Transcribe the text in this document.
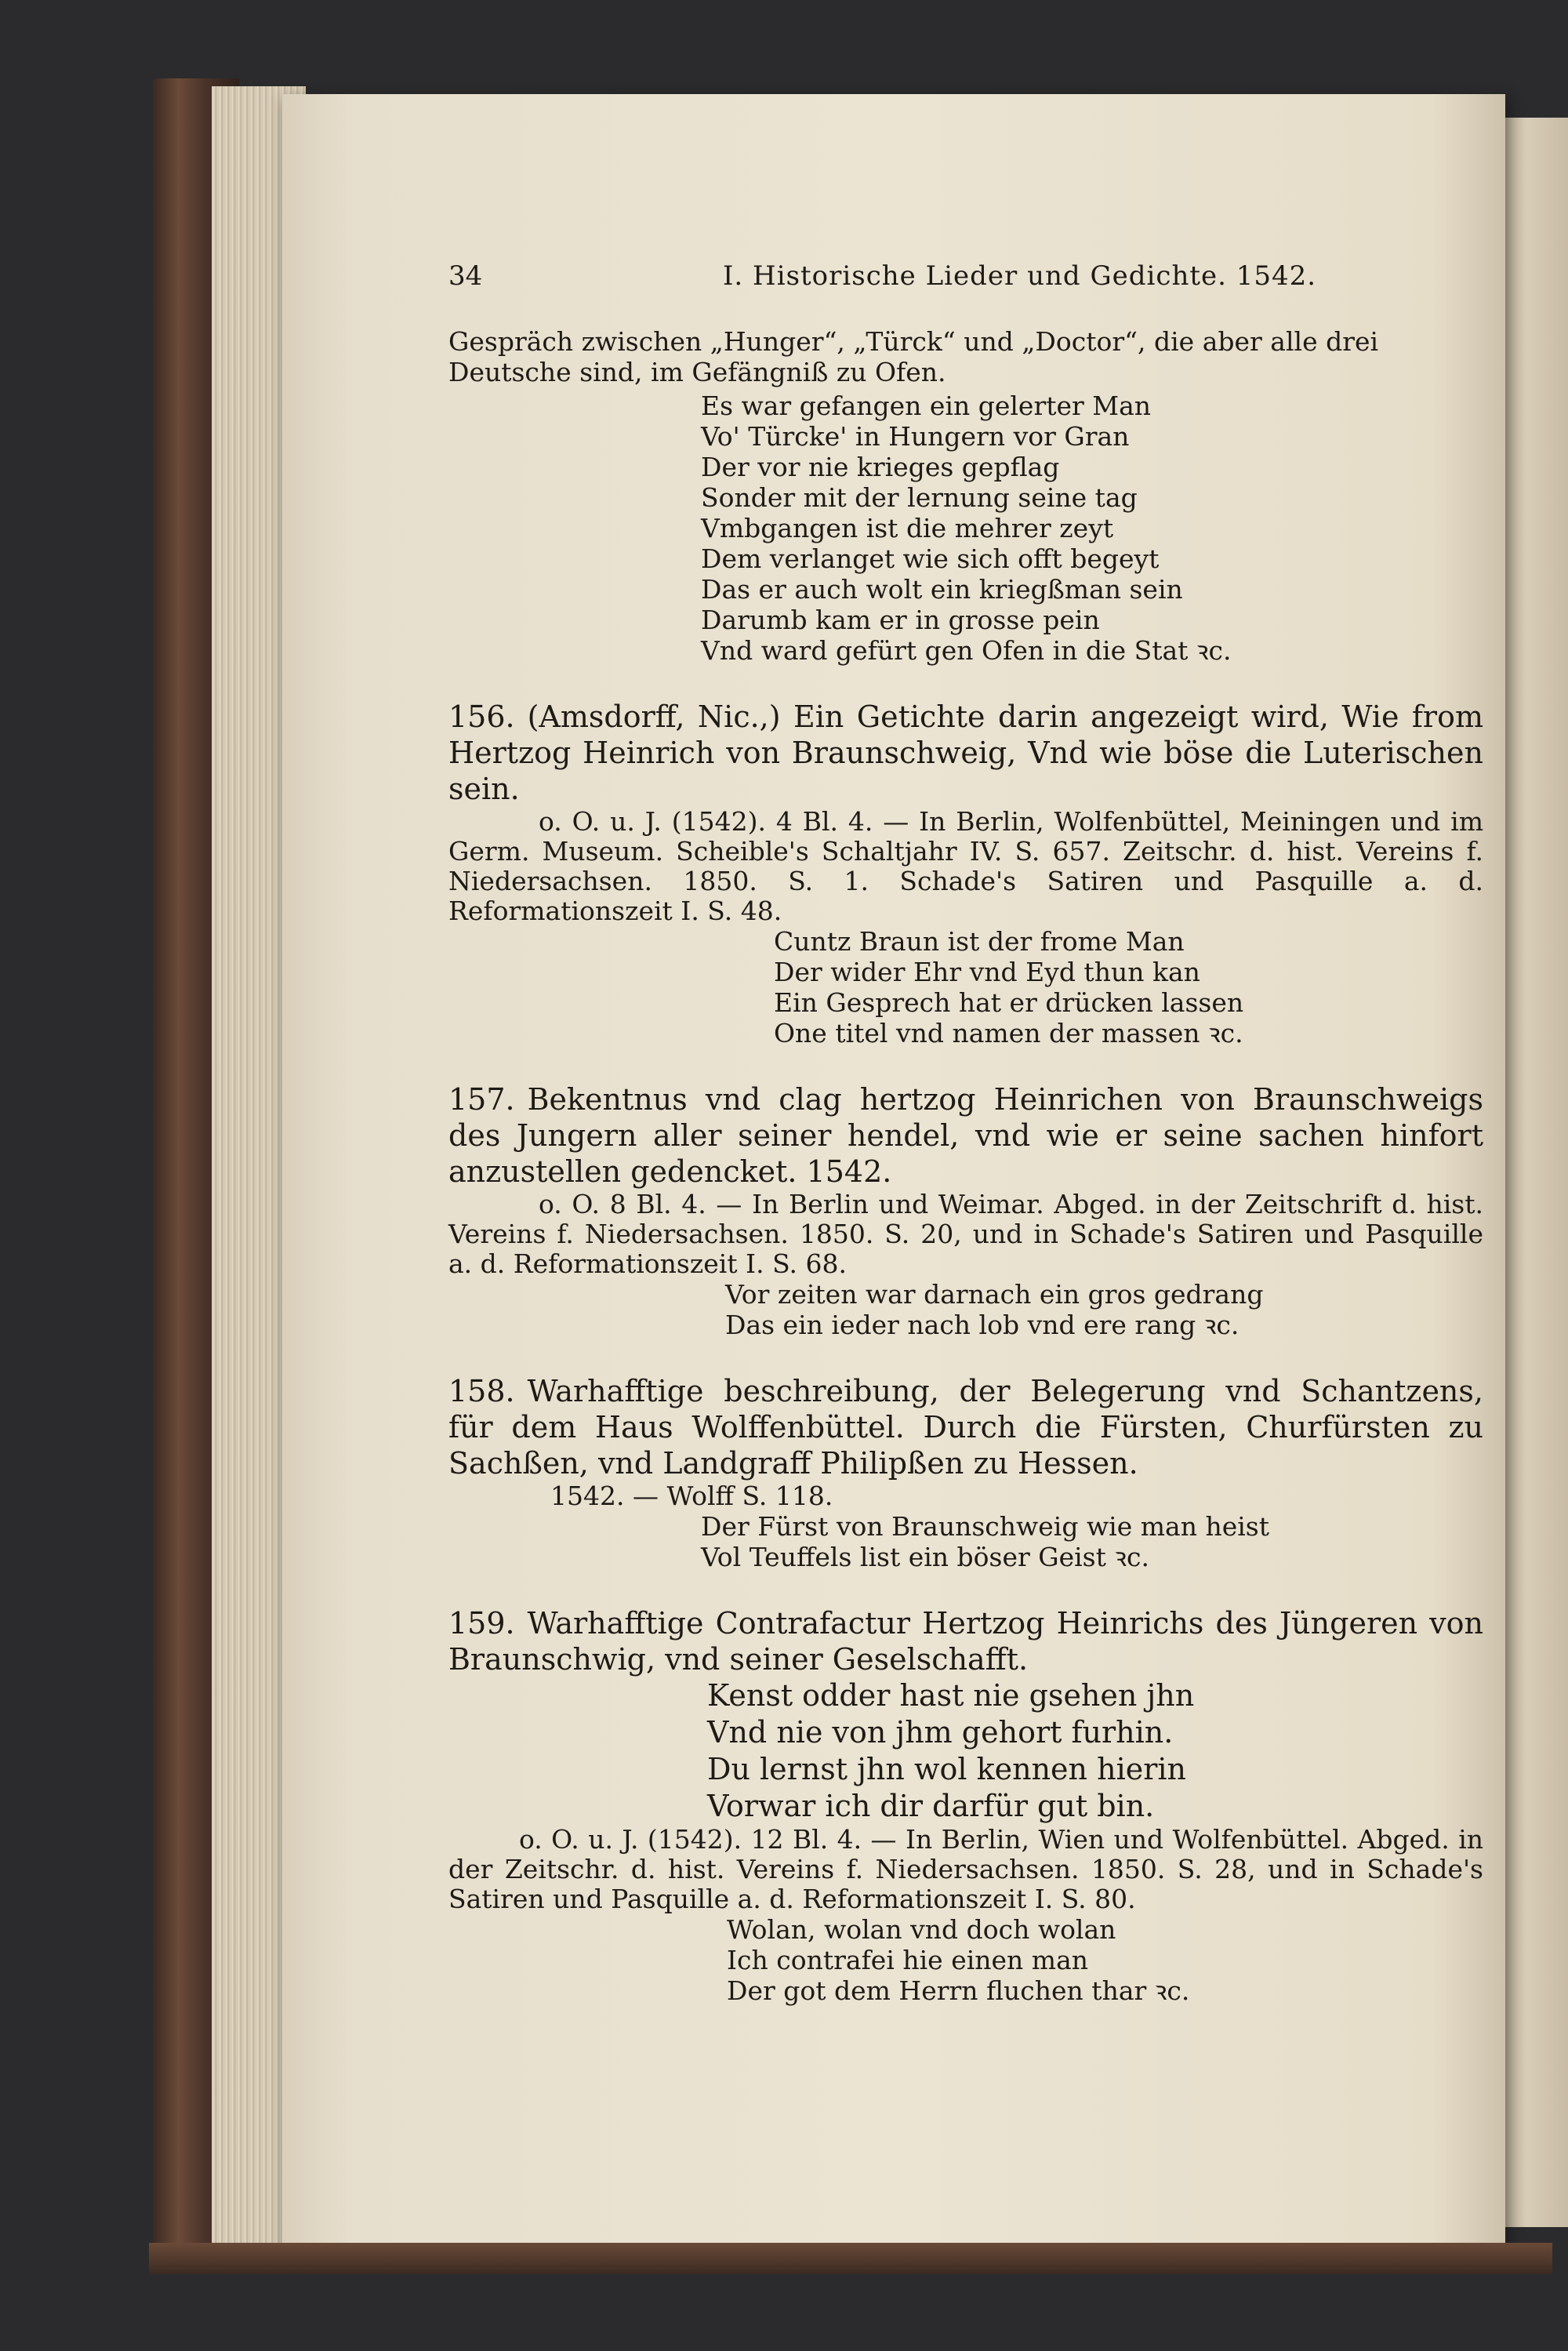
34	I. Historische Lieder und Gedichte. 1542.

Gespräch zwischen „Hunger“, „Türck“ und „Doctor“, die aber alle drei Deutsche sind, im Gefängniß zu Ofen.

Es war gefangen ein gelerter Man
Vo' Türcke' in Hungern vor Gran
Der vor nie krieges gepflag
Sonder mit der lernung seine tag
Vmbgangen ist die mehrer zeyt
Dem verlanget wie sich offt begeyt
Das er auch wolt ein kriegßman sein
Darumb kam er in grosse pein
Vnd ward gefürt gen Ofen in die Stat ꝛc.

156. (Amsdorff, Nic.,) Ein Getichte darin angezeigt wird, Wie from Hertzog Heinrich von Braunschweig, Vnd wie böse die Luterischen sein.

o. O. u. J. (1542). 4 Bl. 4. — In Berlin, Wolfenbüttel, Meiningen und im Germ. Museum. Scheible's Schaltjahr IV. S. 657. Zeitschr. d. hist. Vereins f. Niedersachsen. 1850. S. 1. Schade's Satiren und Pasquille a. d. Reformationszeit I. S. 48.

Cuntz Braun ist der frome Man
Der wider Ehr vnd Eyd thun kan
Ein Gesprech hat er drücken lassen
One titel vnd namen der massen ꝛc.

157. Bekentnus vnd clag hertzog Heinrichen von Braunschweigs des Jungern aller seiner hendel, vnd wie er seine sachen hinfort anzustellen gedencket. 1542.

o. O. 8 Bl. 4. — In Berlin und Weimar. Abged. in der Zeitschrift d. hist. Vereins f. Niedersachsen. 1850. S. 20, und in Schade's Satiren und Pasquille a. d. Reformationszeit I. S. 68.

Vor zeiten war darnach ein gros gedrang
Das ein ieder nach lob vnd ere rang ꝛc.

158. Warhafftige beschreibung, der Belegerung vnd Schantzens, für dem Haus Wolffenbüttel. Durch die Fürsten, Churfürsten zu Sachßen, vnd Landgraff Philipßen zu Hessen.

1542. — Wolff S. 118.

Der Fürst von Braunschweig wie man heist
Vol Teuffels list ein böser Geist ꝛc.

159. Warhafftige Contrafactur Hertzog Heinrichs des Jüngeren von Braunschwig, vnd seiner Geselschafft.

Kenst odder hast nie gsehen jhn
Vnd nie von jhm gehort furhin.
Du lernst jhn wol kennen hierin
Vorwar ich dir darfür gut bin.

o. O. u. J. (1542). 12 Bl. 4. — In Berlin, Wien und Wolfenbüttel. Abged. in der Zeitschr. d. hist. Vereins f. Niedersachsen. 1850. S. 28, und in Schade's Satiren und Pasquille a. d. Reformationszeit I. S. 80.

Wolan, wolan vnd doch wolan
Ich contrafei hie einen man
Der got dem Herrn fluchen thar ꝛc.
